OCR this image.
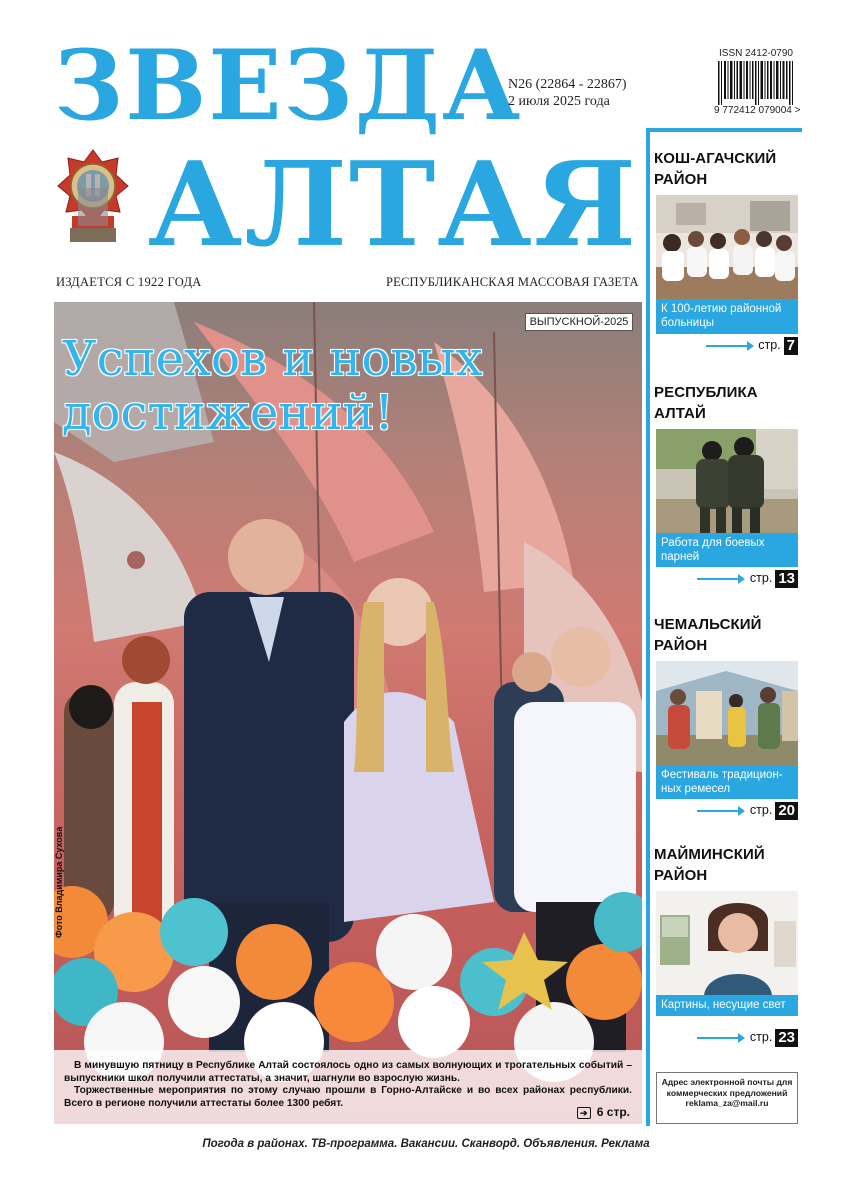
ЗВЕЗДА
АЛТАЯ
N26 (22864 - 22867)
2 июля 2025 года
ISSN 2412-0790
9 772412 079004 >
ИЗДАЕТСЯ С 1922 ГОДА	РЕСПУБЛИКАНСКАЯ МАССОВАЯ ГАЗЕТА
ВЫПУСКНОЙ-2025
Успехов и новых
достижений!
Фото Владимира Суховa

В минувшую пятницу в Республике Алтай состоялось одно из самых волнующих и трогательных событий – выпускники школ получили аттестаты, а значит, шагнули во взрослую жизнь.

Торжественные мероприятия по этому случаю прошли в Горно-Алтайске и во всех районах республики. Всего в регионе получили аттестаты более 1300 ребят.

➔ 6 стр.
КОШ-АГАЧСКИЙ РАЙОН
К 100-летию районной больницы
стр. 7
РЕСПУБЛИКА АЛТАЙ
Работа для боевых парней
стр. 13
ЧЕМАЛЬСКИЙ РАЙОН
Фестиваль традицион-ных ремесел
стр. 20
МАЙМИНСКИЙ РАЙОН
Картины, несущие свет
стр. 23
Адрес электронной почты для коммерческих предложений
reklama_za@mail.ru
Погода в районах. ТВ-программа. Вакансии. Сканворд. Объявления. Реклама
